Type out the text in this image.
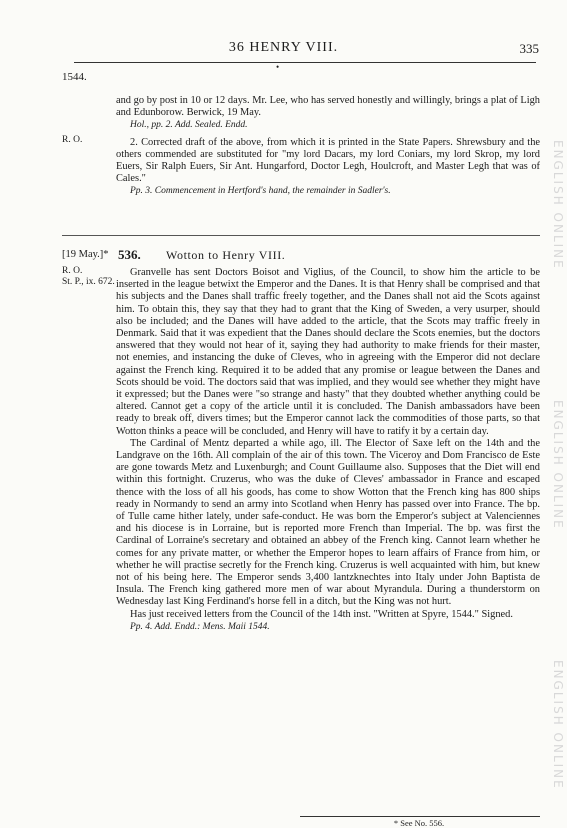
36 HENRY VIII.	335
•
1544.
R. O.

and go by post in 10 or 12 days. Mr. Lee, who has served honestly and willingly, brings a plat of Ligh and Edunborow. Berwick, 19 May.

Hol., pp. 2. Add. Sealed. Endd.

2. Corrected draft of the above, from which it is printed in the State Papers. Shrewsbury and the others commended are substituted for "my lord Dacars, my lord Coniars, my lord Skrop, my lord Euers, Sir Ralph Euers, Sir Ant. Hungarford, Doctor Legh, Houlcroft, and Master Legh that was of Cales."

Pp. 3. Commencement in Hertford's hand, the remainder in Sadler's.

[19 May.]* 536. Wotton to Henry VIII.
R. O.
St. P., ix. 672.

Granvelle has sent Doctors Boisot and Viglius, of the Council, to show him the article to be inserted in the league betwixt the Emperor and the Danes. It is that Henry shall be comprised and that his subjects and the Danes shall traffic freely together, and the Danes shall not aid the Scots against him. To obtain this, they say that they had to grant that the King of Sweden, a very usurper, should also be included; and the Danes will have added to the article, that the Scots may traffic freely in Denmark. Said that it was expedient that the Danes should declare the Scots enemies, but the doctors answered that they would not hear of it, saying they had authority to make friends for their master, not enemies, and instancing the duke of Cleves, who in agreeing with the Emperor did not declare against the French king. Required it to be added that any promise or league between the Danes and Scots should be void. The doctors said that was implied, and they would see whether they might have it expressed; but the Danes were "so strange and hasty" that they doubted whether anything could be altered. Cannot get a copy of the article until it is concluded. The Danish ambassadors have been ready to break off, divers times; but the Emperor cannot lack the commodities of those parts, so that Wotton thinks a peace will be concluded, and Henry will have to ratify it by a certain day.

The Cardinal of Mentz departed a while ago, ill. The Elector of Saxe left on the 14th and the Landgrave on the 16th. All complain of the air of this town. The Viceroy and Dom Francisco de Este are gone towards Metz and Luxenburgh; and Count Guillaume also. Supposes that the Diet will end within this fortnight. Cruzerus, who was the duke of Cleves' ambassador in France and escaped thence with the loss of all his goods, has come to show Wotton that the French king has 800 ships ready in Normandy to send an army into Scotland when Henry has passed over into France. The bp. of Tulle came hither lately, under safe-conduct. He was born the Emperor's subject at Valenciennes and his diocese is in Lorraine, but is reported more French than Imperial. The bp. was first the Cardinal of Lorraine's secretary and obtained an abbey of the French king. Cannot learn whether he comes for any private matter, or whether the Emperor hopes to learn affairs of France from him, or whether he will practise secretly for the French king. Cruzerus is well acquainted with him, but knew not of his being here. The Emperor sends 3,400 lantzknechtes into Italy under John Baptista de Insula. The French king gathered more men of war about Myrandula. During a thunderstorm on Wednesday last King Ferdinand's horse fell in a ditch, but the King was not hurt.

Has just received letters from the Council of the 14th inst. "Written at Spyre, 1544." Signed.

Pp. 4. Add. Endd.: Mens. Maii 1544.

* See No. 556.
ENGLISH ONLINE
ENGLISH ONLINE
ENGLISH ONLINE
